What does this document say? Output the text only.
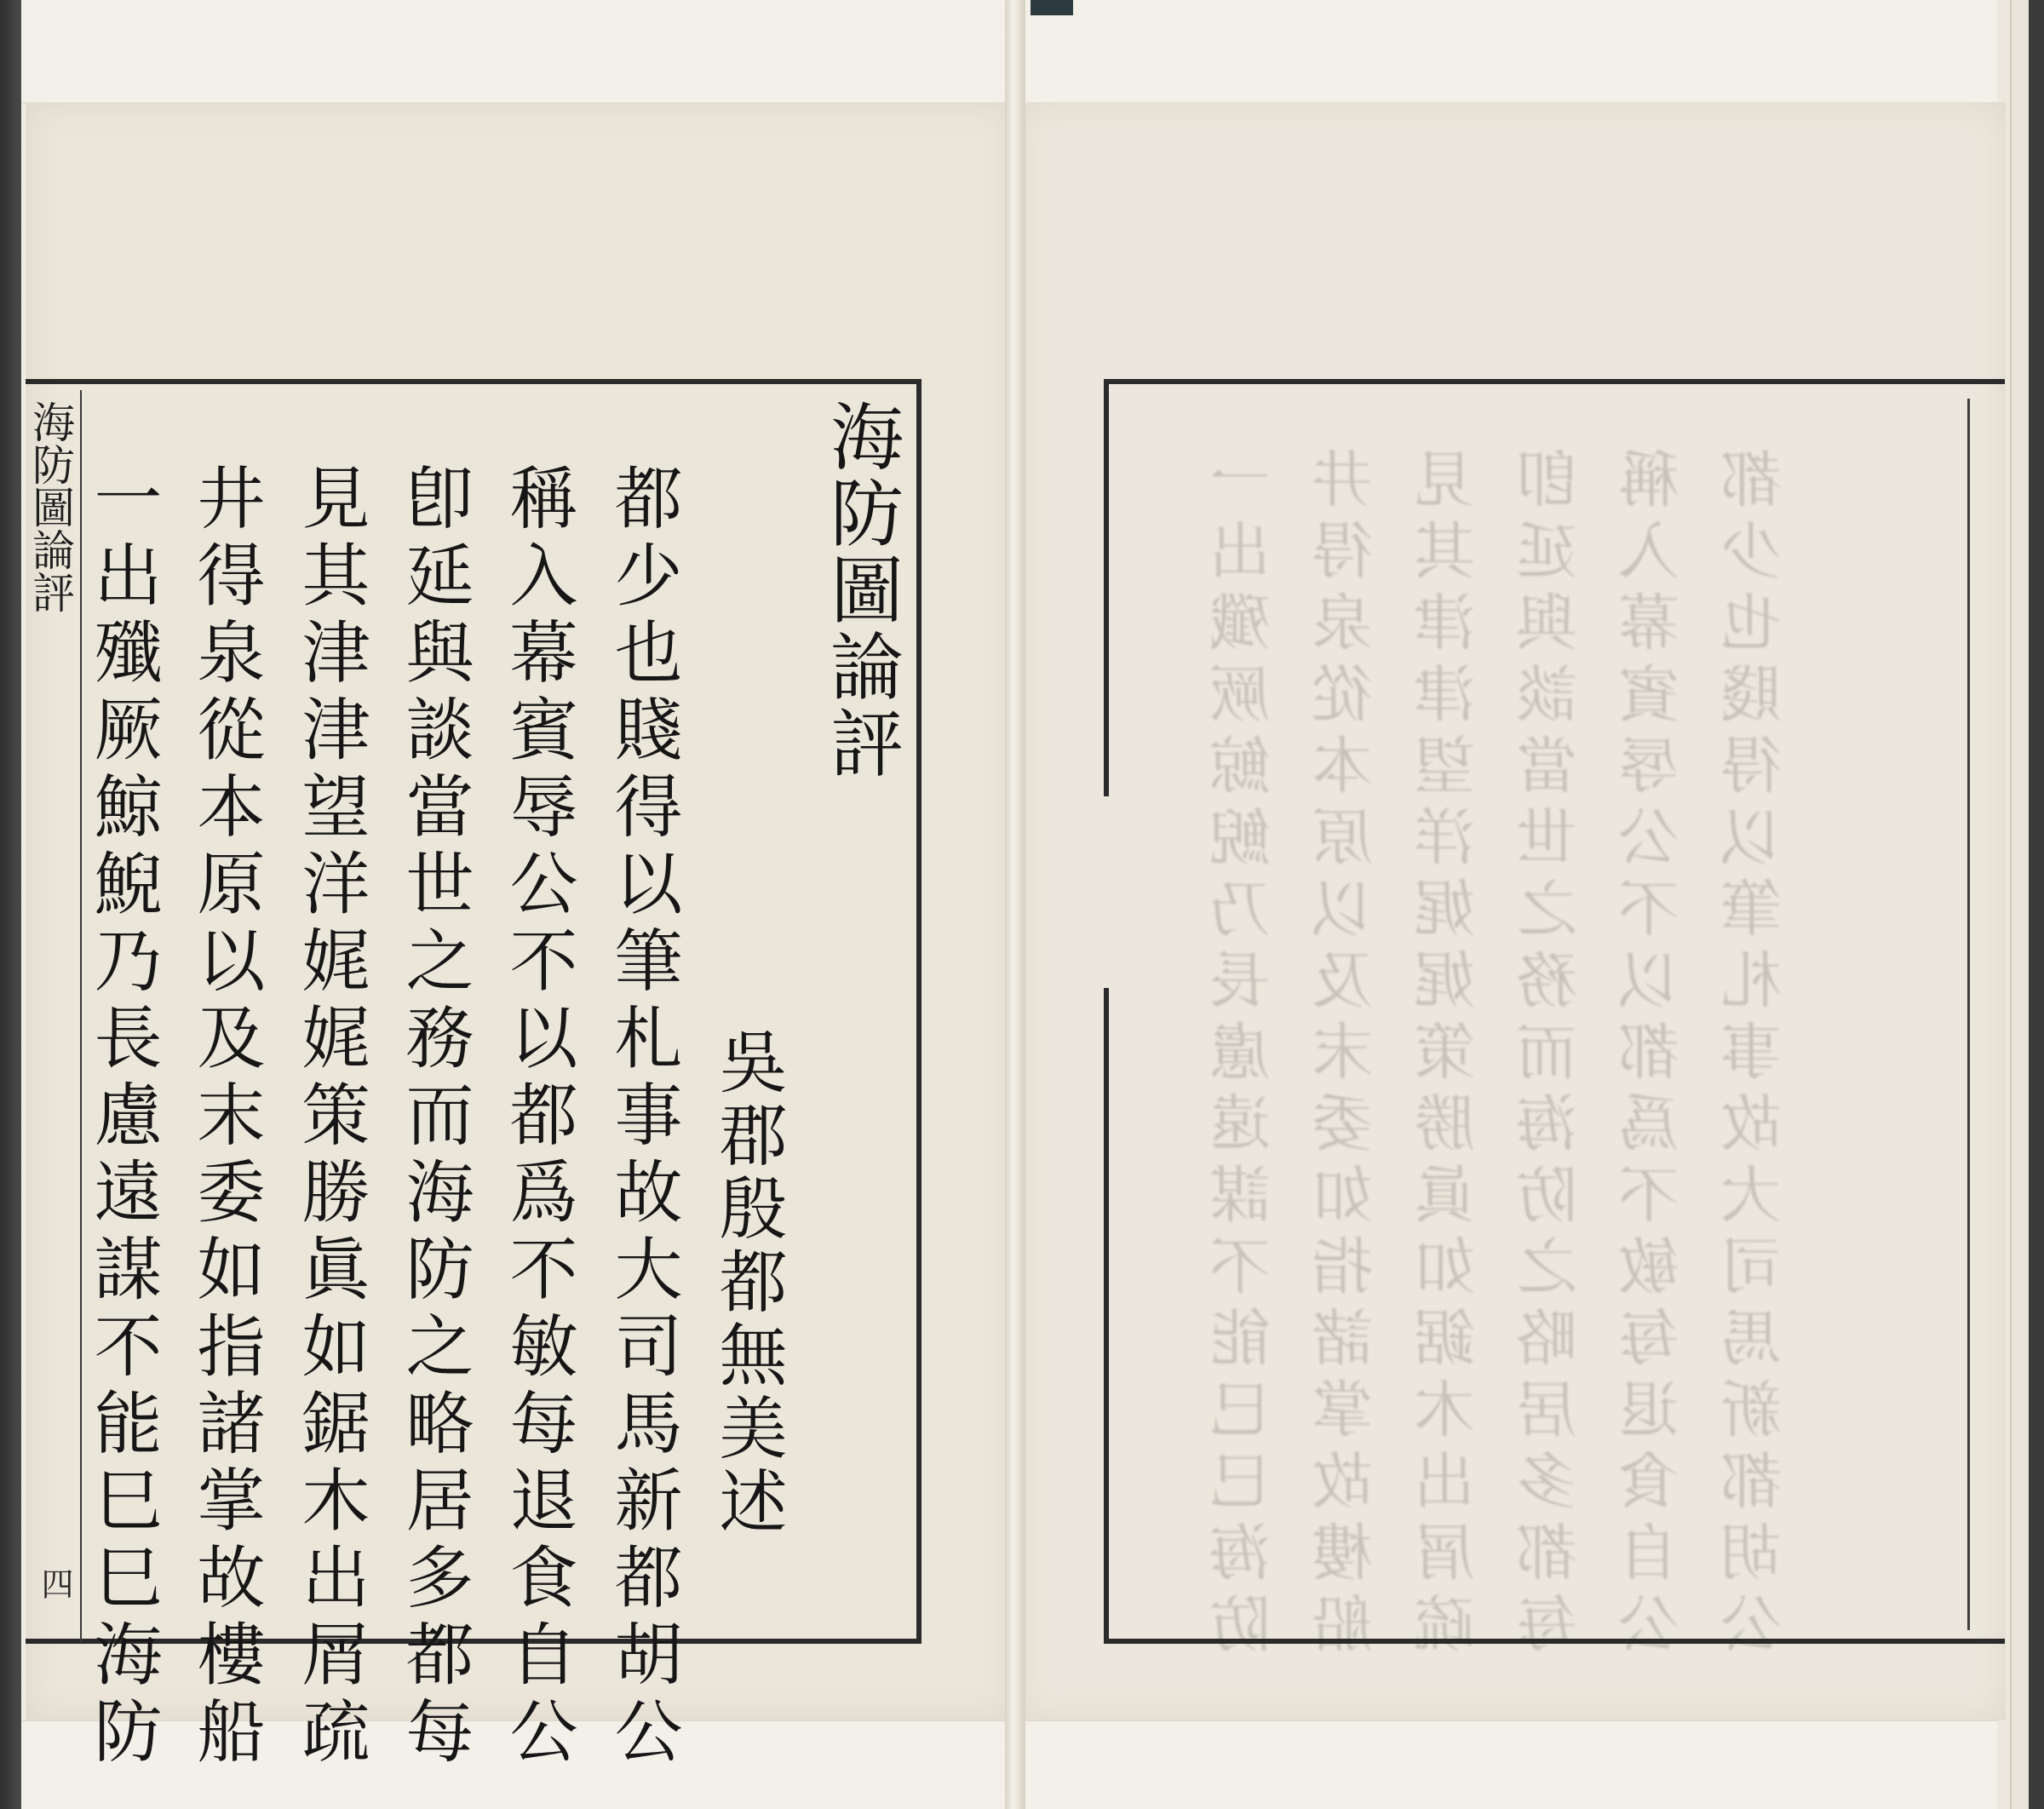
海防圖論評
四
海防圖論評
吳郡殷都無美述
都少也賤得以筆札事故大司馬新都胡公
稱入幕賓辱公不以都爲不敏每退食自公
卽延與談當世之務而海防之略居多都每
見其津津望洋娓娓策勝眞如鋸木出屑疏
井得泉從本原以及末委如指諸掌故樓船
一出殲厥鯨鯢乃長慮遠謀不能巳巳海防
